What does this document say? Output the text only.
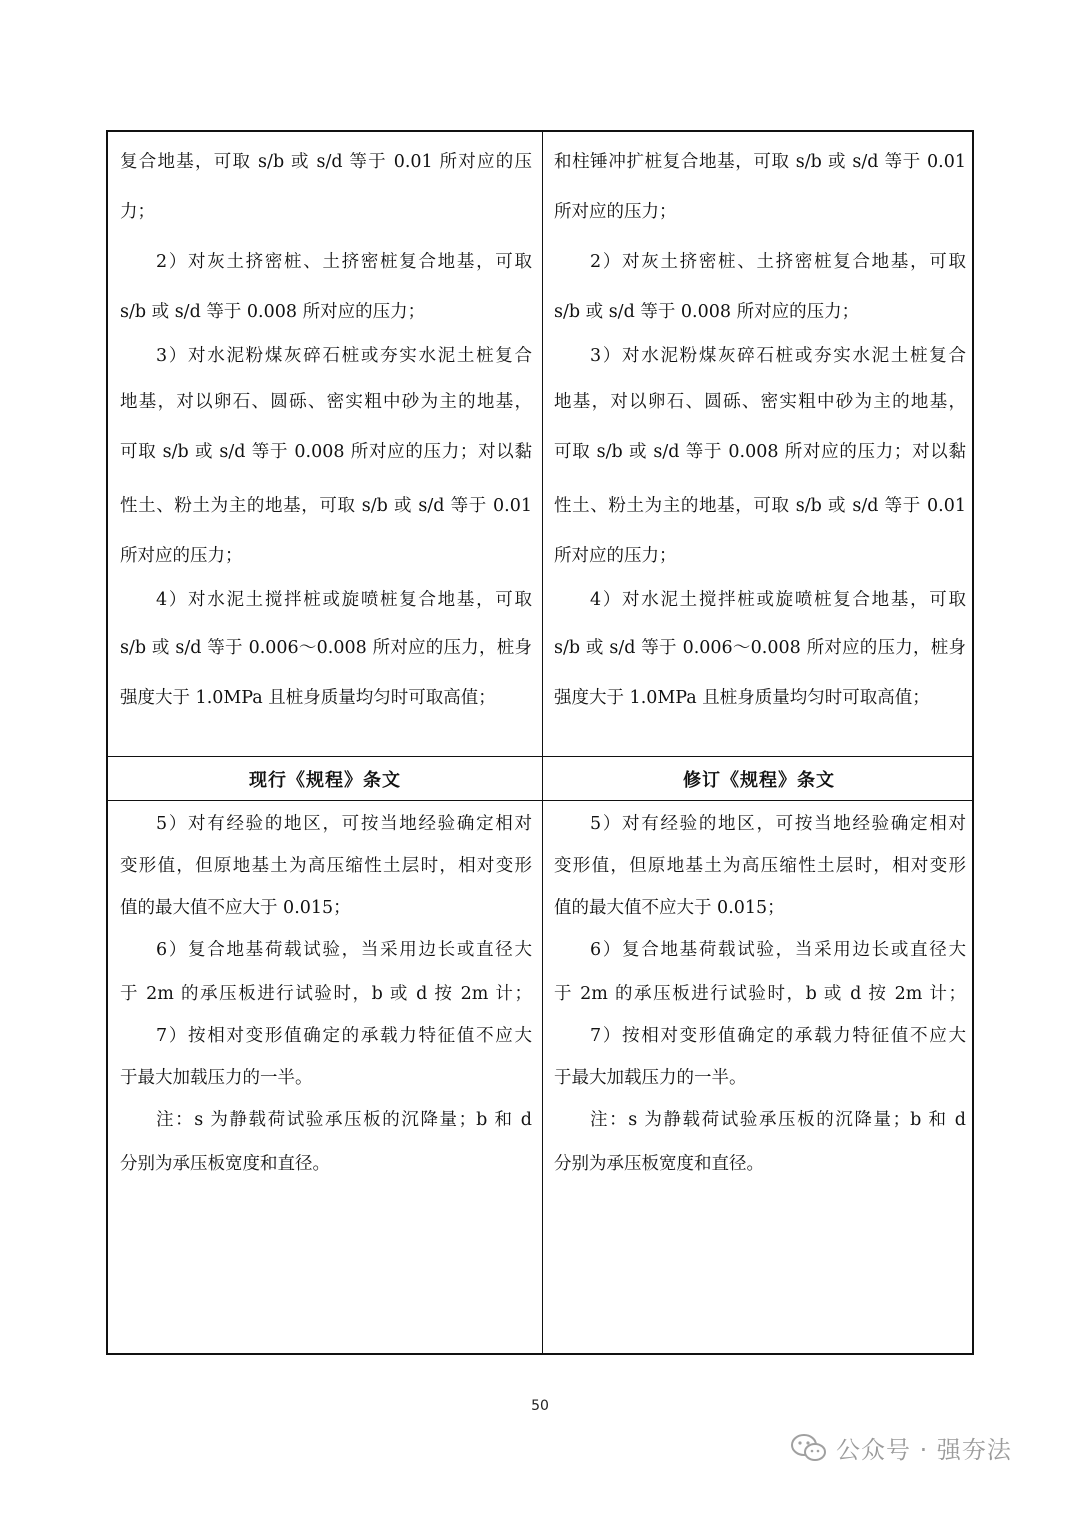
复合地基，可取 s/b 或 s/d 等于 0.01 所对应的压
力；
2）对灰土挤密桩、土挤密桩复合地基，可取
s/b 或 s/d 等于 0.008 所对应的压力；
3）对水泥粉煤灰碎石桩或夯实水泥土桩复合
地基，对以卵石、圆砾、密实粗中砂为主的地基，
可取 s/b 或 s/d 等于 0.008 所对应的压力；对以黏
性土、粉土为主的地基，可取 s/b 或 s/d 等于 0.01
所对应的压力；
4）对水泥土搅拌桩或旋喷桩复合地基，可取
s/b 或 s/d 等于 0.006～0.008 所对应的压力，桩身
强度大于 1.0MPa 且桩身质量均匀时可取高值；
和柱锤冲扩桩复合地基，可取 s/b 或 s/d 等于 0.01
所对应的压力；
2）对灰土挤密桩、土挤密桩复合地基，可取
s/b 或 s/d 等于 0.008 所对应的压力；
3）对水泥粉煤灰碎石桩或夯实水泥土桩复合
地基，对以卵石、圆砾、密实粗中砂为主的地基，
可取 s/b 或 s/d 等于 0.008 所对应的压力；对以黏
性土、粉土为主的地基，可取 s/b 或 s/d 等于 0.01
所对应的压力；
4）对水泥土搅拌桩或旋喷桩复合地基，可取
s/b 或 s/d 等于 0.006～0.008 所对应的压力，桩身
强度大于 1.0MPa 且桩身质量均匀时可取高值；
现行《规程》条文	修订《规程》条文
5）对有经验的地区，可按当地经验确定相对
变形值，但原地基土为高压缩性土层时，相对变形
值的最大值不应大于 0.015；
6）复合地基荷载试验，当采用边长或直径大
于 2m 的承压板进行试验时，b 或 d 按 2m 计；
7）按相对变形值确定的承载力特征值不应大
于最大加载压力的一半。
注：s 为静载荷试验承压板的沉降量；b 和 d
分别为承压板宽度和直径。
5）对有经验的地区，可按当地经验确定相对
变形值，但原地基土为高压缩性土层时，相对变形
值的最大值不应大于 0.015；
6）复合地基荷载试验，当采用边长或直径大
于 2m 的承压板进行试验时，b 或 d 按 2m 计；
7）按相对变形值确定的承载力特征值不应大
于最大加载压力的一半。
注：s 为静载荷试验承压板的沉降量；b 和 d
分别为承压板宽度和直径。
50
公众号 · 强夯法
